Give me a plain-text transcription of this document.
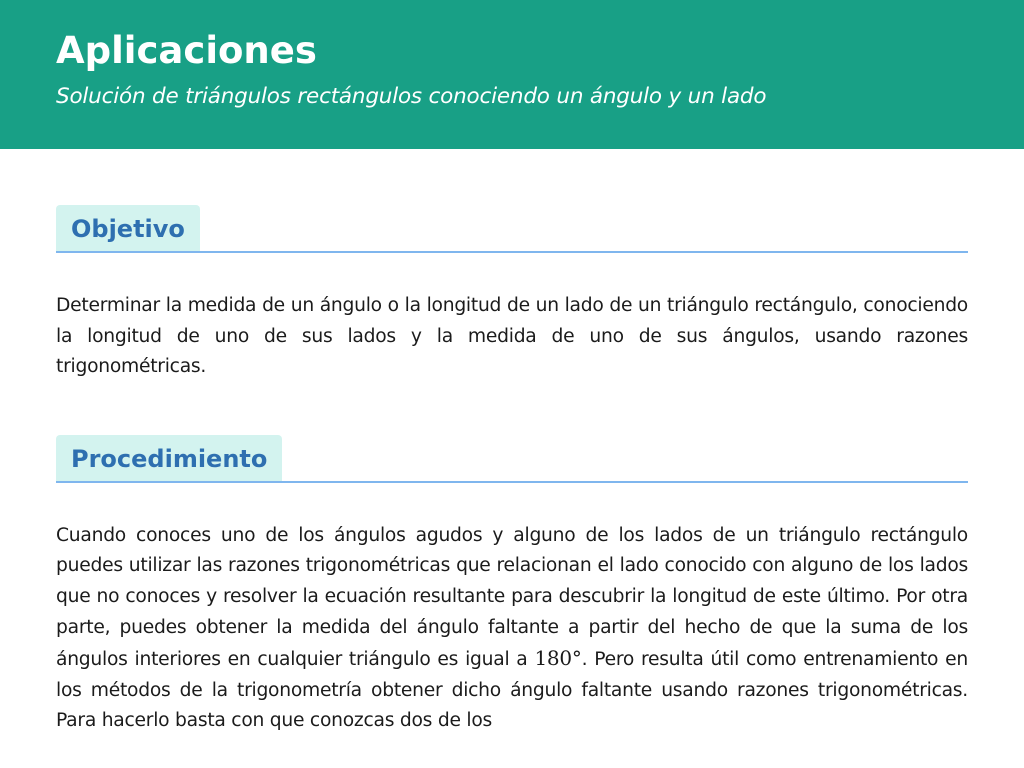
Aplicaciones

Solución de triángulos rectángulos conociendo un ángulo y un lado

Objetivo

Determinar la medida de un ángulo o la longitud de un lado de un triángulo rectángulo, conociendo la longitud de uno de sus lados y la medida de uno de sus ángulos, usando razones trigonométricas.

Procedimiento

Cuando conoces uno de los ángulos agudos y alguno de los lados de un triángulo rectángulo puedes utilizar las razones trigonométricas que relacionan el lado conocido con alguno de los lados que no conoces y resolver la ecuación resultante para descubrir la longitud de este último. Por otra parte, puedes obtener la medida del ángulo faltante a partir del hecho de que la suma de los ángulos interiores en cualquier triángulo es igual a 180°. Pero resulta útil como entrenamiento en los métodos de la trigonometría obtener dicho ángulo faltante usando razones trigonométricas. Para hacerlo basta con que conozcas dos de los
